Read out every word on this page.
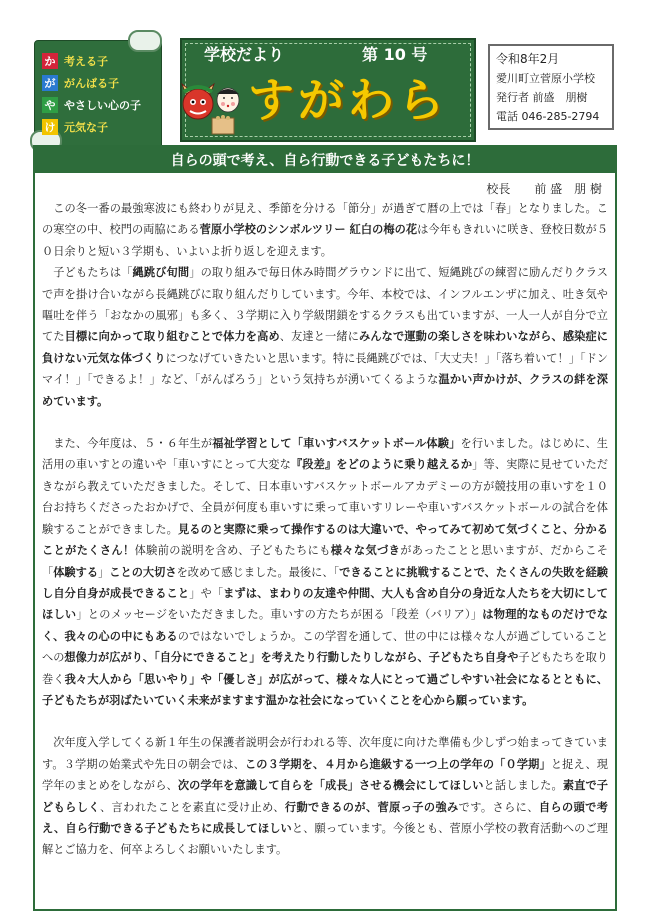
か 考える子
が がんばる子
や やさしい心の子
け 元気な子
学校だより	第 10 号
すがわら
令和8年2月
愛川町立菅原小学校
発行者 前盛　朋樹
電話 046-285-2794
自らの頭で考え、自ら行動できる子どもたちに！
校長　　前 盛　朋 樹

この冬一番の最強寒波にも終わりが見え、季節を分ける「節分」が過ぎて暦の上では「春」となりました。この寒空の中、校門の両脇にある菅原小学校のシンボルツリー 紅白の梅の花は今年もきれいに咲き、登校日数が５０日余りと短い３学期も、いよいよ折り返しを迎えます。

子どもたちは「縄跳び旬間」の取り組みで毎日休み時間グラウンドに出て、短縄跳びの練習に励んだりクラスで声を掛け合いながら長縄跳びに取り組んだりしています。今年、本校では、インフルエンザに加え、吐き気や嘔吐を伴う「おなかの風邪」も多く、３学期に入り学級閉鎖をするクラスも出ていますが、一人一人が自分で立てた目標に向かって取り組むことで体力を高め、友達と一緒にみんなで運動の楽しさを味わいながら、感染症に負けない元気な体づくりにつなげていきたいと思います。特に長縄跳びでは、「大丈夫！」「落ち着いて！」「ドンマイ！」「できるよ！」など、「がんばろう」という気持ちが湧いてくるような温かい声かけが、クラスの絆を深めています。

また、今年度は、５・６年生が福祉学習として「車いすバスケットボール体験」を行いました。はじめに、生活用の車いすとの違いや「車いすにとって大変な『段差』をどのように乗り越えるか」等、実際に見せていただきながら教えていただきました。そして、日本車いすバスケットボールアカデミーの方が競技用の車いすを１０台お持ちくださったおかげで、全員が何度も車いすに乗って車いすリレーや車いすバスケットボールの試合を体験することができました。見るのと実際に乗って操作するのは大違いで、やってみて初めて気づくこと、分かることがたくさん！体験前の説明を含め、子どもたちにも様々な気づきがあったことと思いますが、だからこそ「体験する」ことの大切さを改めて感じました。最後に、「できることに挑戦することで、たくさんの失敗を経験し自分自身が成長できること」や「まずは、まわりの友達や仲間、大人も含め自分の身近な人たちを大切にしてほしい」とのメッセージをいただきました。車いすの方たちが困る「段差（バリア）」は物理的なものだけでなく、我々の心の中にもあるのではないでしょうか。この学習を通して、世の中には様々な人が過ごしていることへの想像力が広がり、「自分にできること」を考えたり行動したりしながら、子どもたち自身や子どもたちを取り巻く我々大人から「思いやり」や「優しさ」が広がって、様々な人にとって過ごしやすい社会になるとともに、子どもたちが羽ばたいていく未来がますます温かな社会になっていくことを心から願っています。

次年度入学してくる新１年生の保護者説明会が行われる等、次年度に向けた準備も少しずつ始まってきています。３学期の始業式や先日の朝会では、この３学期を、４月から進級する一つ上の学年の「０学期」と捉え、現学年のまとめをしながら、次の学年を意識して自らを「成長」させる機会にしてほしいと話しました。素直で子どもらしく、言われたことを素直に受け止め、行動できるのが、菅原っ子の強みです。さらに、自らの頭で考え、自ら行動できる子どもたちに成長してほしいと、願っています。今後とも、菅原小学校の教育活動へのご理解とご協力を、何卒よろしくお願いいたします。
